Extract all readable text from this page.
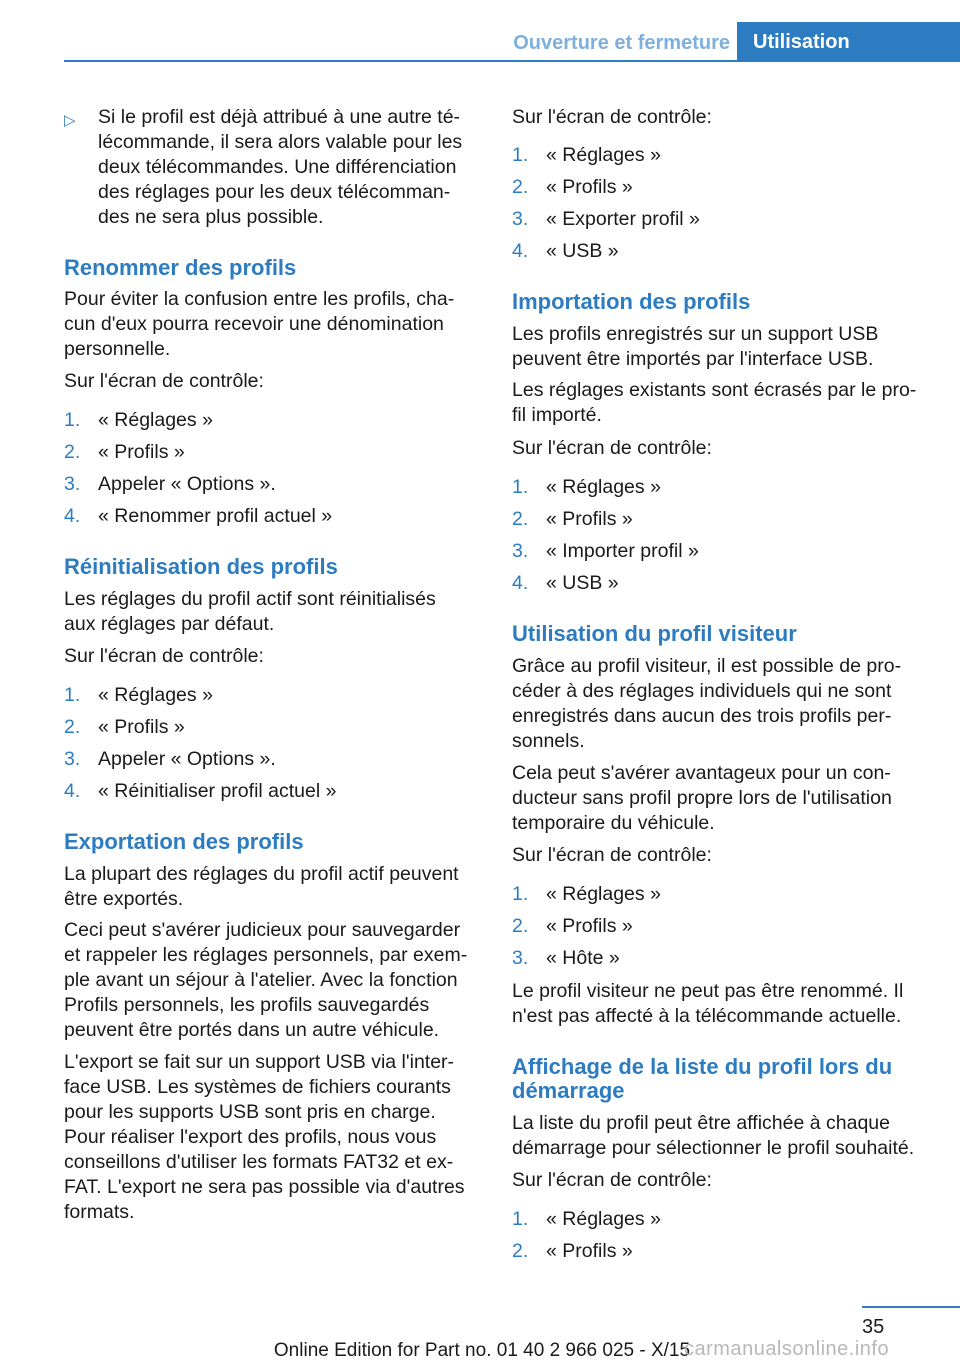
Ouverture et fermeture	Utilisation
▷ Si le profil est déjà attribué à une autre té-
lécommande, il sera alors valable pour les
deux télécommandes. Une différenciation
des réglages pour les deux télécomman-
des ne sera plus possible.
Renommer des profils
Pour éviter la confusion entre les profils, cha-
cun d'eux pourra recevoir une dénomination
personnelle.
Sur l'écran de contrôle:
1. « Réglages »
2. « Profils »
3. Appeler « Options ».
4. « Renommer profil actuel »
Réinitialisation des profils
Les réglages du profil actif sont réinitialisés
aux réglages par défaut.
Sur l'écran de contrôle:
1. « Réglages »
2. « Profils »
3. Appeler « Options ».
4. « Réinitialiser profil actuel »
Exportation des profils
La plupart des réglages du profil actif peuvent
être exportés.
Ceci peut s'avérer judicieux pour sauvegarder
et rappeler les réglages personnels, par exem-
ple avant un séjour à l'atelier. Avec la fonction
Profils personnels, les profils sauvegardés
peuvent être portés dans un autre véhicule.
L'export se fait sur un support USB via l'inter-
face USB. Les systèmes de fichiers courants
pour les supports USB sont pris en charge.
Pour réaliser l'export des profils, nous vous
conseillons d'utiliser les formats FAT32 et ex-
FAT. L'export ne sera pas possible via d'autres
formats.
Sur l'écran de contrôle:
1. « Réglages »
2. « Profils »
3. « Exporter profil »
4. « USB »
Importation des profils
Les profils enregistrés sur un support USB
peuvent être importés par l'interface USB.
Les réglages existants sont écrasés par le pro-
fil importé.
Sur l'écran de contrôle:
1. « Réglages »
2. « Profils »
3. « Importer profil »
4. « USB »
Utilisation du profil visiteur
Grâce au profil visiteur, il est possible de pro-
céder à des réglages individuels qui ne sont
enregistrés dans aucun des trois profils per-
sonnels.
Cela peut s'avérer avantageux pour un con-
ducteur sans profil propre lors de l'utilisation
temporaire du véhicule.
Sur l'écran de contrôle:
1. « Réglages »
2. « Profils »
3. « Hôte »
Le profil visiteur ne peut pas être renommé. Il
n'est pas affecté à la télécommande actuelle.
Affichage de la liste du profil lors du
démarrage
La liste du profil peut être affichée à chaque
démarrage pour sélectionner le profil souhaité.
Sur l'écran de contrôle:
1. « Réglages »
2. « Profils »
35
Online Edition for Part no. 01 40 2 966 025 - X/15
carmanualsonline.info
